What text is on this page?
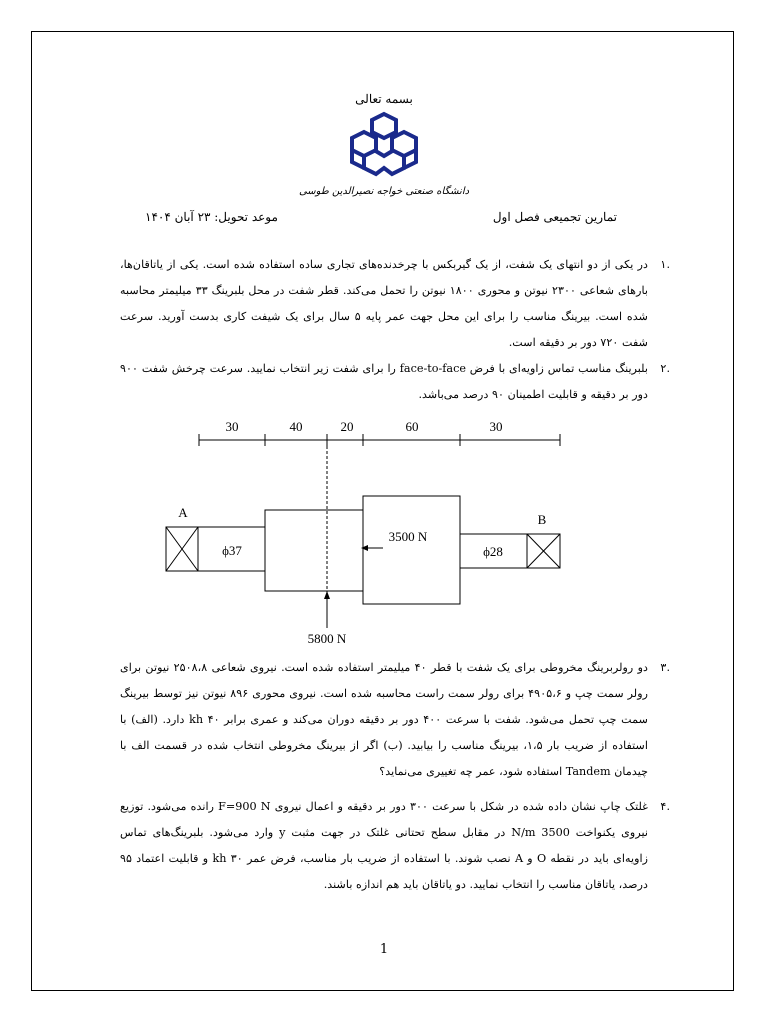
بسمه تعالی
دانشگاه صنعتی خواجه نصیرالدین طوسی
تمارین تجمیعی فصل اول
موعد تحویل: ۲۳ آبان ۱۴۰۴
.۱
در یکی از دو انتهای یک شفت، از یک گیربکس با چرخدنده‌های تجاری ساده استفاده شده است. یکی از یاتاقان‌ها، بارهای شعاعی ۲۳۰۰ نیوتن و محوری ۱۸۰۰ نیوتن را تحمل می‌کند. قطر شفت در محل بلبرینگ ۳۳ میلیمتر محاسبه شده است. بیرینگ مناسب را برای این محل جهت عمر پایه ۵ سال برای یک شیفت کاری بدست آورید. سرعت شفت ۷۲۰ دور بر دقیقه است.
.۲
بلبرینگ مناسب تماس زاویه‌ای با فرض face-to-face را برای شفت زیر انتخاب نمایید. سرعت چرخش شفت ۹۰۰ دور بر دقیقه و قابلیت اطمینان ۹۰ درصد می‌باشد.
30	40	20	60	30
A	B
ϕ37	ϕ28
3500 N
5800 N
.۳
دو رولربرینگ مخروطی برای یک شفت با قطر ۴۰ میلیمتر استفاده شده است. نیروی شعاعی ۲۵۰۸،۸ نیوتن برای رولر سمت چپ و ۴۹۰۵،۶ برای رولر سمت راست محاسبه شده است. نیروی محوری ۸۹۶ نیوتن نیز توسط بیرینگ سمت چپ تحمل می‌شود. شفت با سرعت ۴۰۰ دور بر دقیقه دوران می‌کند و عمری برابر kh ۴۰ دارد. (الف) با استفاده از ضریب بار ۱،۵، بیرینگ مناسب را بیابید. (ب) اگر از بیرینگ مخروطی انتخاب شده در قسمت الف با چیدمان Tandem استفاده شود، عمر چه تغییری می‌نماید؟
.۴
غلتک چاپ نشان داده شده در شکل با سرعت ۳۰۰ دور بر دقیقه و اعمال نیروی F=900 N رانده می‌شود. توزیع نیروی یکنواخت 3500 N/m در مقابل سطح تحتانی غلتک در جهت مثبت y وارد می‌شود. بلبرینگ‌های تماس زاویه‌ای باید در نقطه O و A نصب شوند. با استفاده از ضریب بار مناسب، فرض عمر ۳۰ kh و قابلیت اعتماد ۹۵ درصد، یاتاقان مناسب را انتخاب نمایید. دو یاتاقان باید هم اندازه باشند.
1
